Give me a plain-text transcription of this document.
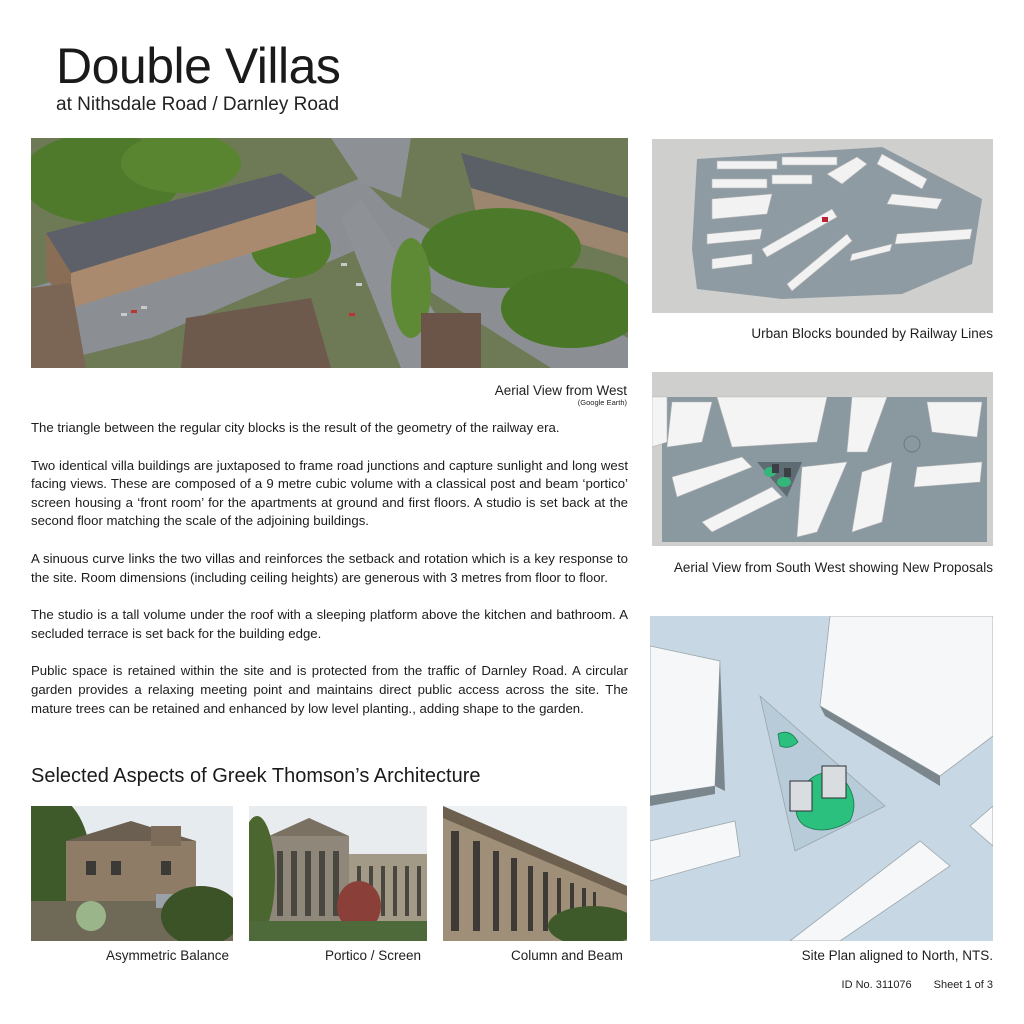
Double Villas
at Nithsdale Road / Darnley Road
Aerial View from West
(Google Earth)
Urban Blocks bounded by Railway Lines
Aerial View from South West showing New Proposals
Site Plan aligned to North, NTS.

The triangle between the regular city blocks is the result of the geometry of the railway era.

Two identical villa buildings are juxtaposed to frame road junctions and capture sunlight and long west facing views. These are composed of a 9 metre cubic volume with a classical post and beam ‘portico’ screen housing a ‘front room’ for the apartments at ground and first floors. A studio is set back at the second floor matching the scale of the adjoining buildings.

A sinuous curve links the two villas and reinforces the setback and rotation which is a key response to the site. Room dimensions (including ceiling heights) are generous with 3 metres from floor to floor.

The studio is a tall volume under the roof with a sleeping platform above the kitchen and bathroom. A secluded terrace is set back for the building edge.

Public space is retained within the site and is protected from the traffic of Darnley Road. A circular garden provides a relaxing meeting point and maintains direct public access across the site. The mature trees can be retained and enhanced by low level planting., adding shape to the garden.

Selected Aspects of Greek Thomson’s Architecture
Asymmetric Balance	Portico / Screen	Column and Beam
ID No. 311076 Sheet 1 of 3
